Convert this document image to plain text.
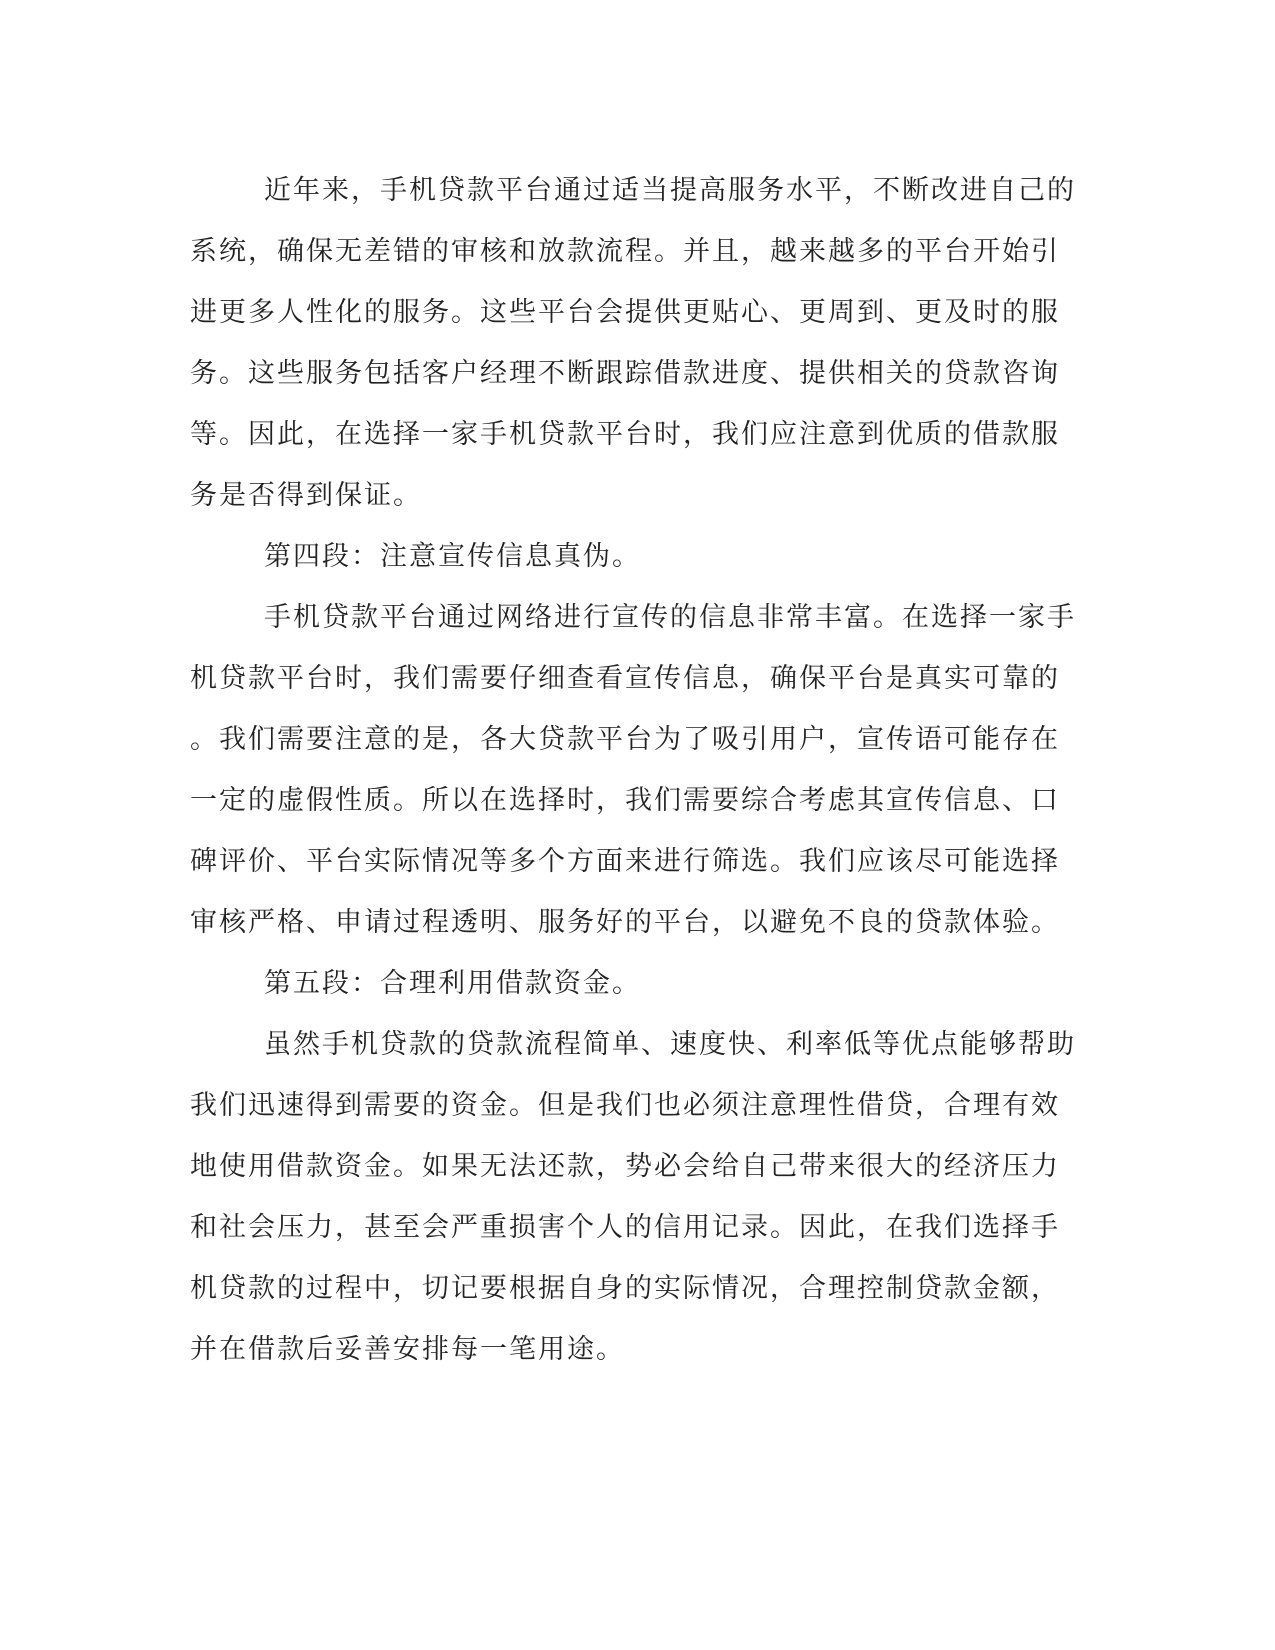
近年来，手机贷款平台通过适当提高服务水平，不断改进自己的
系统，确保无差错的审核和放款流程。并且，越来越多的平台开始引
进更多人性化的服务。这些平台会提供更贴心、更周到、更及时的服
务。这些服务包括客户经理不断跟踪借款进度、提供相关的贷款咨询
等。因此，在选择一家手机贷款平台时，我们应注意到优质的借款服
务是否得到保证。
第四段：注意宣传信息真伪。
手机贷款平台通过网络进行宣传的信息非常丰富。在选择一家手
机贷款平台时，我们需要仔细查看宣传信息，确保平台是真实可靠的
。我们需要注意的是，各大贷款平台为了吸引用户，宣传语可能存在
一定的虚假性质。所以在选择时，我们需要综合考虑其宣传信息、口
碑评价、平台实际情况等多个方面来进行筛选。我们应该尽可能选择
审核严格、申请过程透明、服务好的平台，以避免不良的贷款体验。
第五段：合理利用借款资金。
虽然手机贷款的贷款流程简单、速度快、利率低等优点能够帮助
我们迅速得到需要的资金。但是我们也必须注意理性借贷，合理有效
地使用借款资金。如果无法还款，势必会给自己带来很大的经济压力
和社会压力，甚至会严重损害个人的信用记录。因此，在我们选择手
机贷款的过程中，切记要根据自身的实际情况，合理控制贷款金额，
并在借款后妥善安排每一笔用途。
